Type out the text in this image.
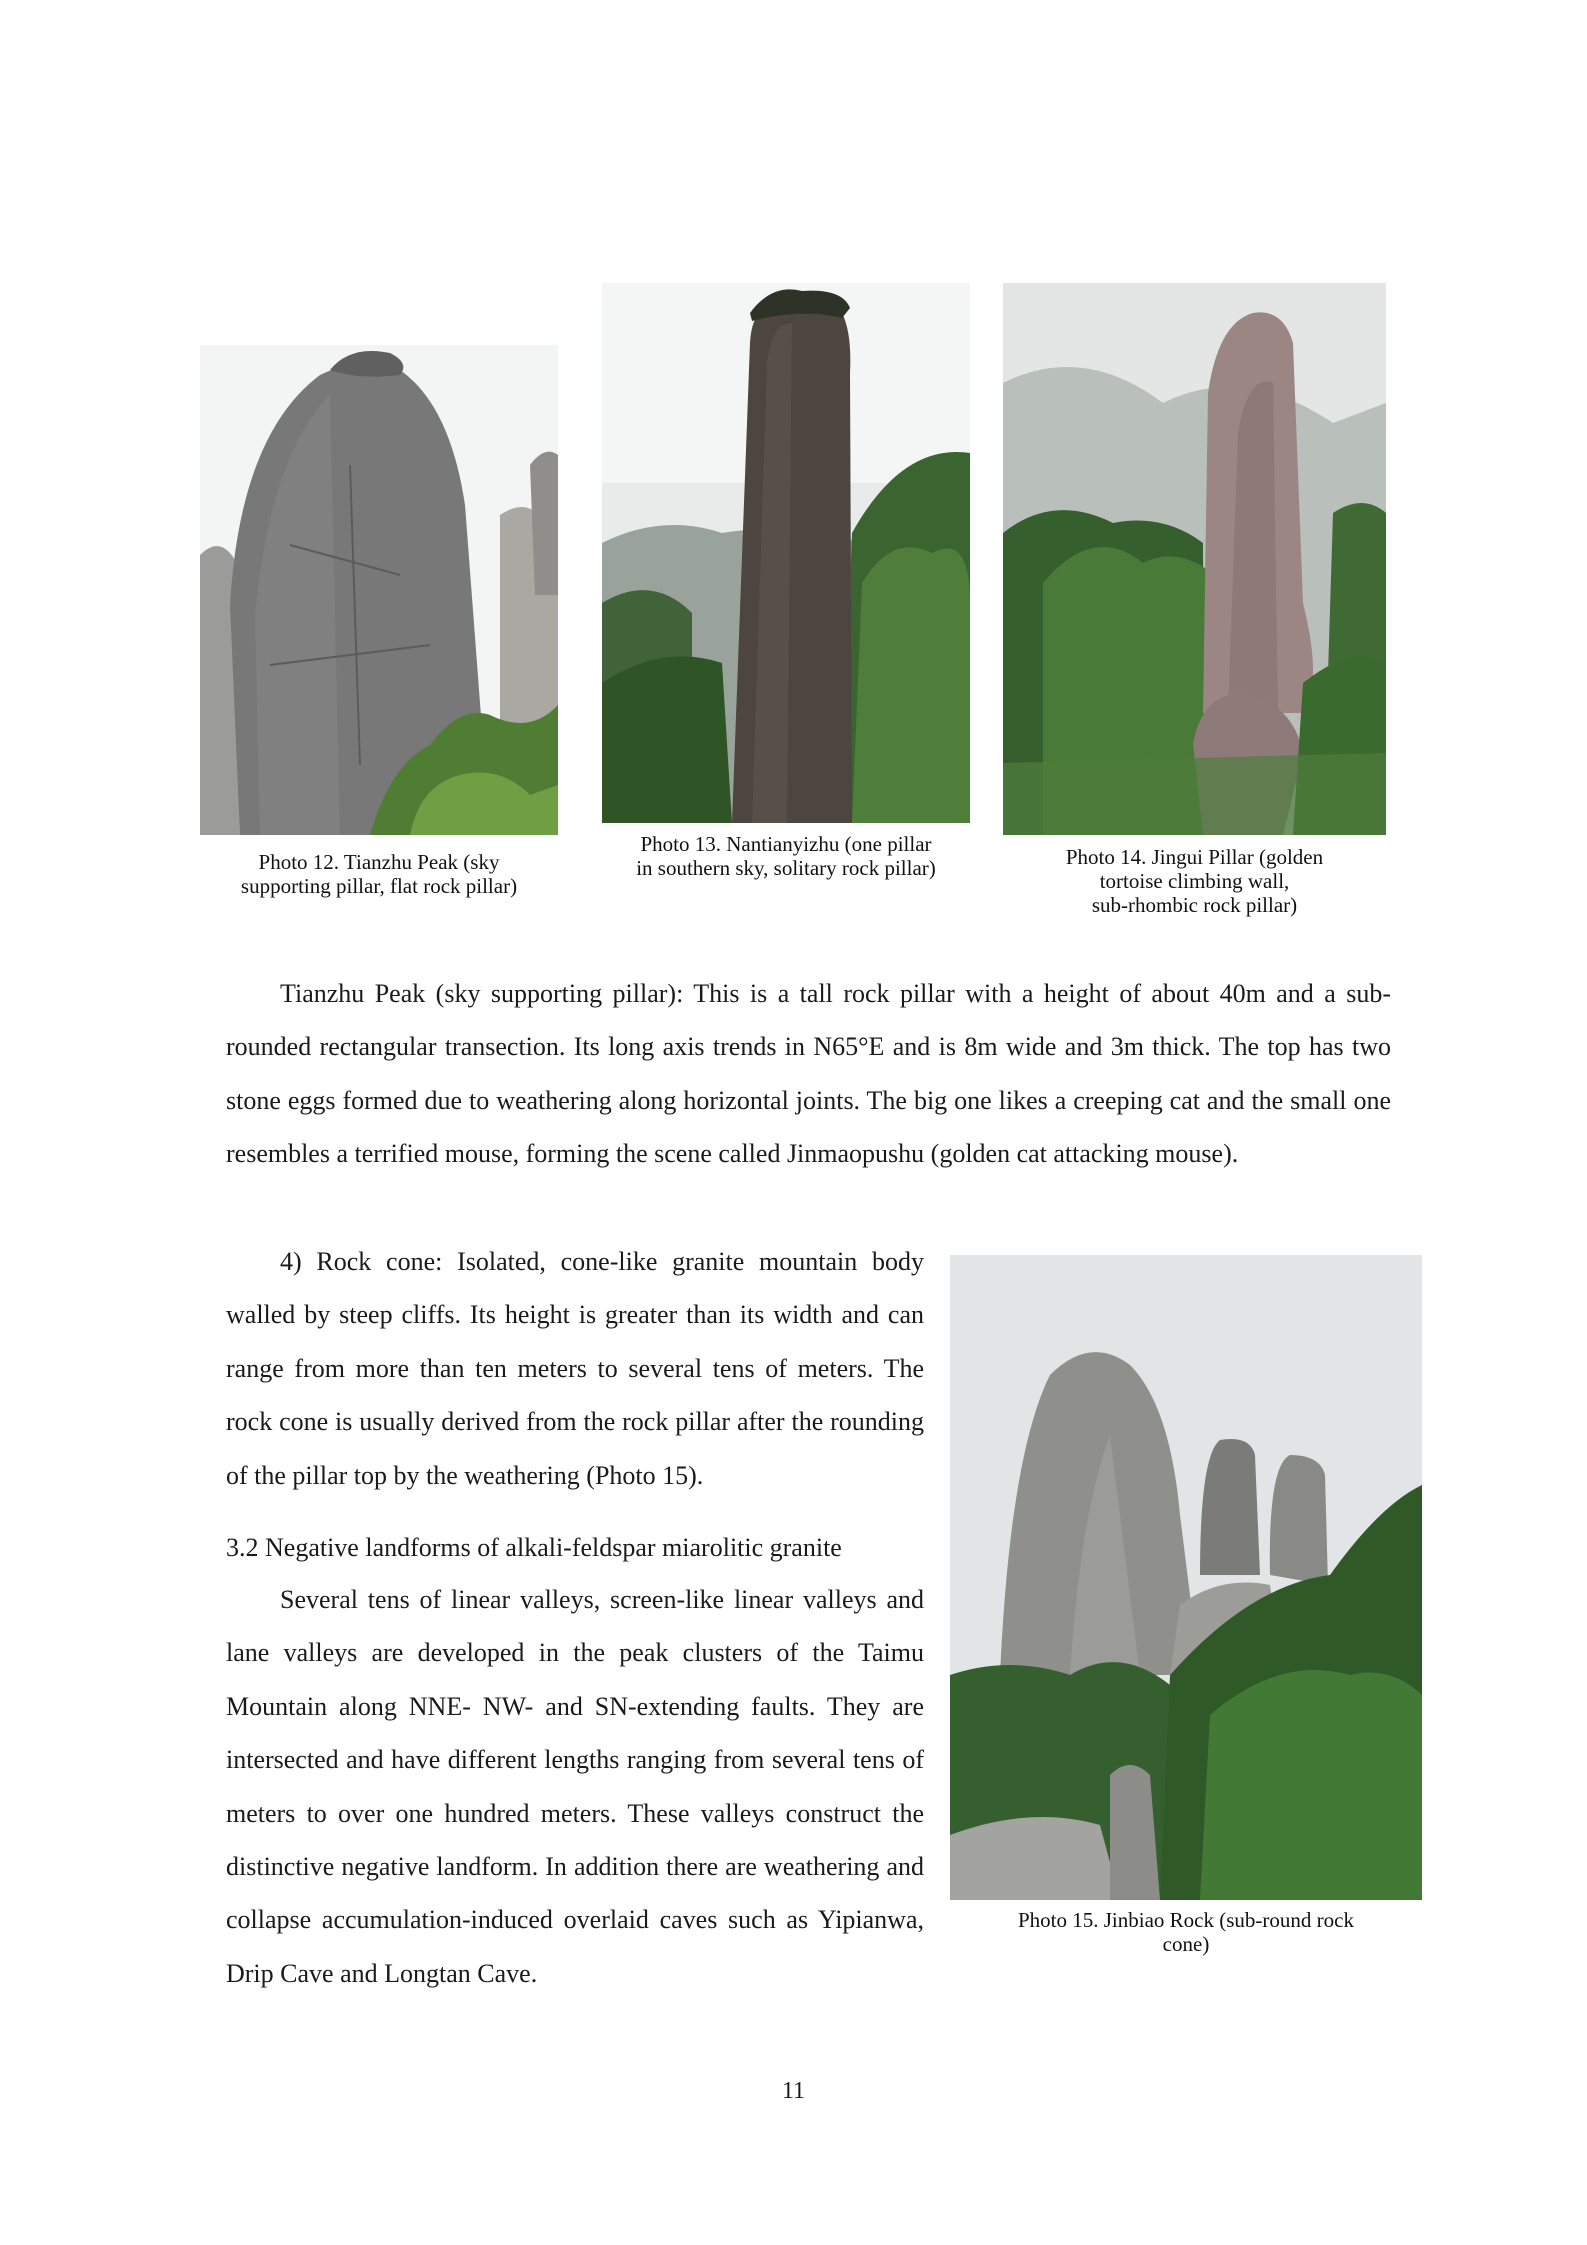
Photo 12. Tianzhu Peak (sky
supporting pillar, flat rock pillar)
Photo 13. Nantianyizhu (one pillar
in southern sky, solitary rock pillar)	Photo 14. Jingui Pillar (golden
tortoise climbing wall,
sub-rhombic rock pillar)

Tianzhu Peak (sky supporting pillar): This is a tall rock pillar with a height of about 40m and a sub-rounded rectangular transection. Its long axis trends in N65°E and is 8m wide and 3m thick. The top has two stone eggs formed due to weathering along horizontal joints. The big one likes a creeping cat and the small one resembles a terrified mouse, forming the scene called Jinmaopushu (golden cat attacking mouse).

4) Rock cone: Isolated, cone-like granite mountain body walled by steep cliffs. Its height is greater than its width and can range from more than ten meters to several tens of meters. The rock cone is usually derived from the rock pillar after the rounding of the pillar top by the weathering (Photo 15).

3.2 Negative landforms of alkali-feldspar miarolitic granite

Several tens of linear valleys, screen-like linear valleys and lane valleys are developed in the peak clusters of the Taimu Mountain along NNE- NW- and SN-extending faults. They are intersected and have different lengths ranging from several tens of meters to over one hundred meters. These valleys construct the distinctive negative landform. In addition there are weathering and collapse accumulation-induced overlaid caves such as Yipianwa, Drip Cave and Longtan Cave.

Photo 15. Jinbiao Rock (sub-round rock
cone)
11
